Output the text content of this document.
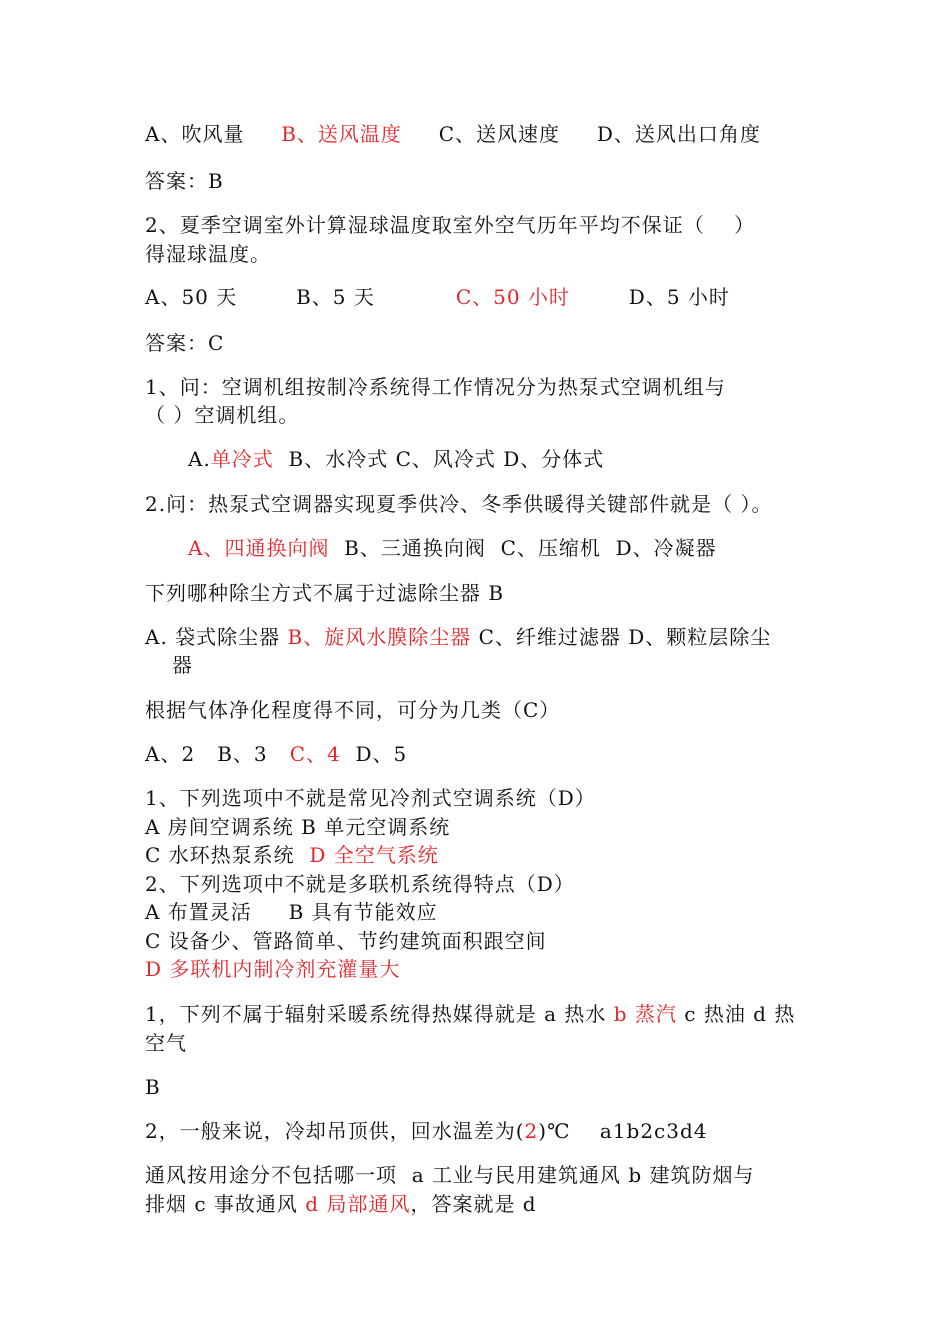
A、吹风量     B、送风温度     C、送风速度     D、送风出口角度
答案：B
2、夏季空调室外计算湿球温度取室外空气历年平均不保证（    ）
得湿球温度。
A、50 天        B、5 天           C、50 小时        D、5 小时
答案：C
1、问：空调机组按制冷系统得工作情况分为热泵式空调机组与
（ ）空调机组。
A.单冷式  B、水冷式 C、风冷式 D、分体式
2.问：热泵式空调器实现夏季供冷、冬季供暖得关键部件就是（ ）。
A、四通换向阀  B、三通换向阀  C、压缩机  D、冷凝器
下列哪种除尘方式不属于过滤除尘器 B
A. 袋式除尘器 B、旋风水膜除尘器 C、纤维过滤器 D、颗粒层除尘
器
根据气体净化程度得不同，可分为几类（C）
A、2   B、3   C、4  D、5
1、下列选项中不就是常见冷剂式空调系统（D）
A 房间空调系统 B 单元空调系统
C 水环热泵系统  D 全空气系统
2、下列选项中不就是多联机系统得特点（D）
A 布置灵活     B 具有节能效应
C 设备少、管路简单、节约建筑面积跟空间
D 多联机内制冷剂充灌量大
1，下列不属于辐射采暖系统得热媒得就是 a 热水 b 蒸汽 c 热油 d 热
空气
B
2，一般来说，冷却吊顶供，回水温差为(2)℃    a1b2c3d4
通风按用途分不包括哪一项  a 工业与民用建筑通风 b 建筑防烟与
排烟 c 事故通风 d 局部通风，答案就是 d
